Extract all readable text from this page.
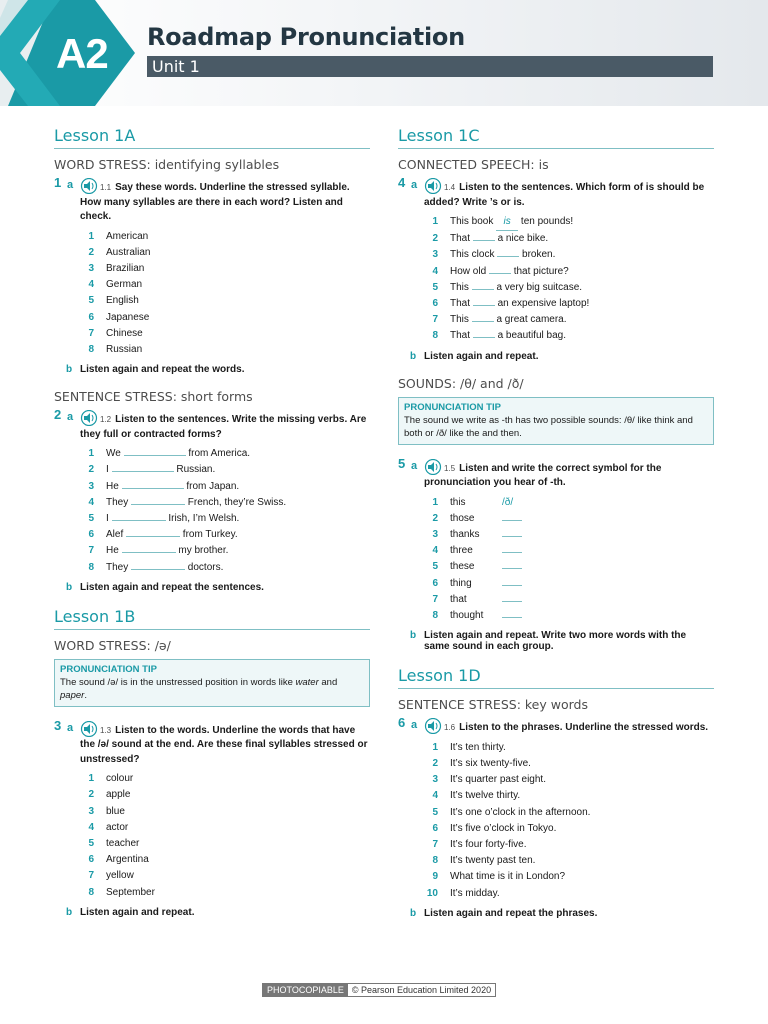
A2 Roadmap Pronunciation
Unit 1
Lesson 1A
WORD STRESS: identifying syllables
1 a	1.1 Say these words. Underline the stressed syllable. How many syllables are there in each word? Listen and check.
1 American
2 Australian
3 Brazilian
4 German
5 English
6 Japanese
7 Chinese
8 Russian
b Listen again and repeat the words.
SENTENCE STRESS: short forms
2 a	1.2 Listen to the sentences. Write the missing verbs. Are they full or contracted forms?
1 We	from America.
2 I	Russian.
3 He	from Japan.
4 They	French, they’re Swiss.
5 I	Irish, I’m Welsh.
6 Alef	from Turkey.
7 He	my brother.
8 They	doctors.
b Listen again and repeat the sentences.
Lesson 1B
WORD STRESS: /ə/
PRONUNCIATION TIP
The sound /ə/ is in the unstressed position in words like water and paper.
3 a	1.3 Listen to the words. Underline the words that have the /ə/ sound at the end. Are these final syllables stressed or unstressed?
1 colour
2 apple
3 blue
4 actor
5 teacher
6 Argentina
7 yellow
8 September
b Listen again and repeat.
Lesson 1C
CONNECTED SPEECH: is
4 a	1.4 Listen to the sentences. Which form of is should be added? Write ’s or is.
1 This book is ten pounds!
2 That	a nice bike.
3 This clock	broken.
4 How old	that picture?
5 This	a very big suitcase.
6 That	an expensive laptop!
7 This	a great camera.
8 That	a beautiful bag.
b Listen again and repeat.
SOUNDS: /θ/ and /ð/
PRONUNCIATION TIP
The sound we write as -th has two possible sounds: /θ/ like think and both or /ð/ like the and then.
5 a	1.5 Listen and write the correct symbol for the pronunciation you hear of -th.
1 this	/ð/
2 those
3 thanks
4 three
5 these
6 thing
7 that
8 thought
b Listen again and repeat. Write two more words with the same sound in each group.
Lesson 1D
SENTENCE STRESS: key words
6 a	1.6 Listen to the phrases. Underline the stressed words.
1 It’s ten thirty.
2 It’s six twenty-five.
3 It’s quarter past eight.
4 It’s twelve thirty.
5 It’s one o’clock in the afternoon.
6 It’s five o’clock in Tokyo.
7 It’s four forty-five.
8 It’s twenty past ten.
9 What time is it in London?
10 It’s midday.
b Listen again and repeat the phrases.
PHOTOCOPIABLE © Pearson Education Limited 2020
